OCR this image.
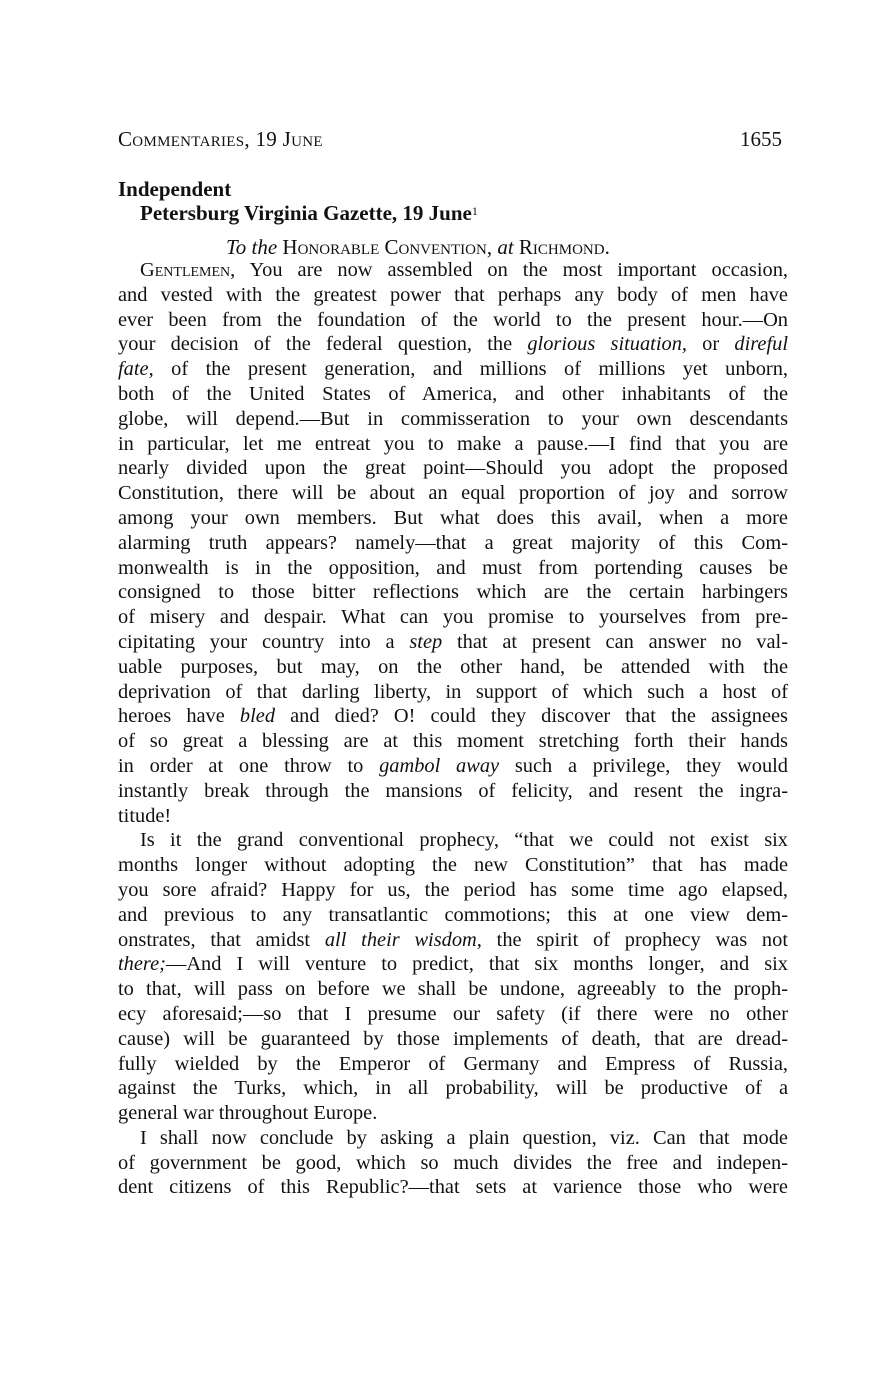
Commentaries, 19 June	1655
Independent
Petersburg Virginia Gazette, 19 June$^1$
To the Honorable Convention, at Richmond.
Gentlemen, You are now assembled on the most important occasion,
and vested with the greatest power that perhaps any body of men have
ever been from the foundation of the world to the present hour.—On
your decision of the federal question, the glorious situation, or direful
fate, of the present generation, and millions of millions yet unborn,
both of the United States of America, and other inhabitants of the
globe, will depend.—But in commisseration to your own descendants
in particular, let me entreat you to make a pause.—I find that you are
nearly divided upon the great point—Should you adopt the proposed
Constitution, there will be about an equal proportion of joy and sorrow
among your own members. But what does this avail, when a more
alarming truth appears? namely—that a great majority of this Com-
monwealth is in the opposition, and must from portending causes be
consigned to those bitter reflections which are the certain harbingers
of misery and despair. What can you promise to yourselves from pre-
cipitating your country into a step that at present can answer no val-
uable purposes, but may, on the other hand, be attended with the
deprivation of that darling liberty, in support of which such a host of
heroes have bled and died? O! could they discover that the assignees
of so great a blessing are at this moment stretching forth their hands
in order at one throw to gambol away such a privilege, they would
instantly break through the mansions of felicity, and resent the ingra-
titude!
Is it the grand conventional prophecy, “that we could not exist six
months longer without adopting the new Constitution” that has made
you sore afraid? Happy for us, the period has some time ago elapsed,
and previous to any transatlantic commotions; this at one view dem-
onstrates, that amidst all their wisdom, the spirit of prophecy was not
there;—And I will venture to predict, that six months longer, and six
to that, will pass on before we shall be undone, agreeably to the proph-
ecy aforesaid;—so that I presume our safety (if there were no other
cause) will be guaranteed by those implements of death, that are dread-
fully wielded by the Emperor of Germany and Empress of Russia,
against the Turks, which, in all probability, will be productive of a
general war throughout Europe.
I shall now conclude by asking a plain question, viz. Can that mode
of government be good, which so much divides the free and indepen-
dent citizens of this Republic?—that sets at varience those who were
